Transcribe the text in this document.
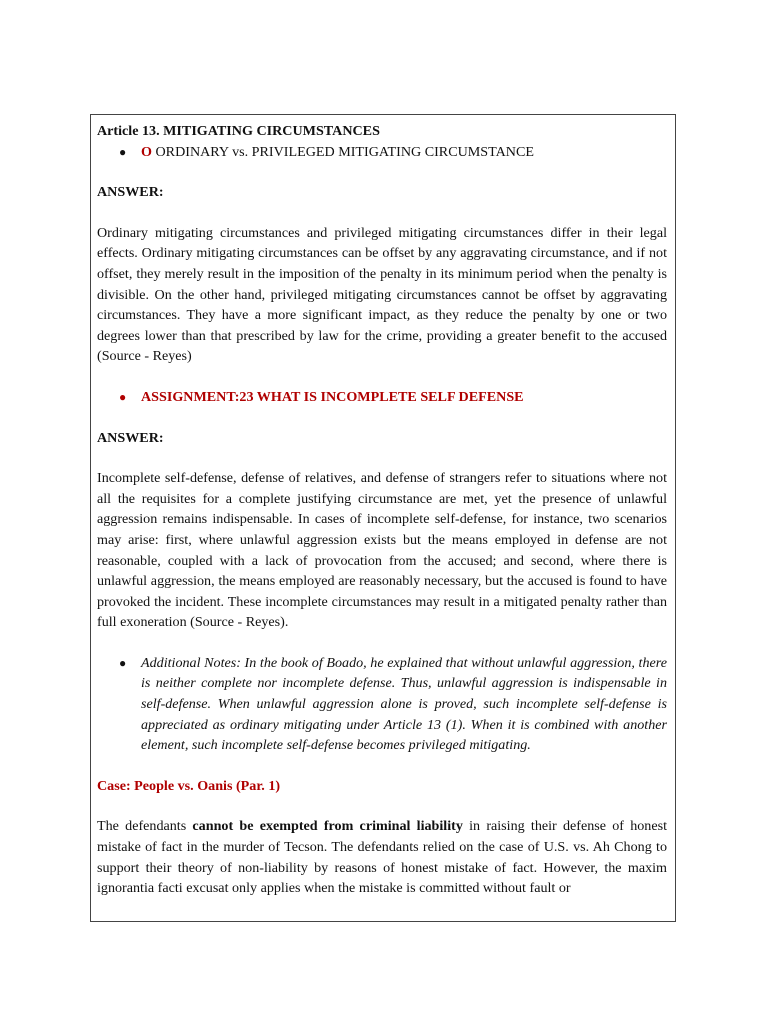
Article 13. MITIGATING CIRCUMSTANCES

● O ORDINARY vs. PRIVILEGED MITIGATING CIRCUMSTANCE

ANSWER:

Ordinary mitigating circumstances and privileged mitigating circumstances differ in their legal effects. Ordinary mitigating circumstances can be offset by any aggravating circumstance, and if not offset, they merely result in the imposition of the penalty in its minimum period when the penalty is divisible. On the other hand, privileged mitigating circumstances cannot be offset by aggravating circumstances. They have a more significant impact, as they reduce the penalty by one or two degrees lower than that prescribed by law for the crime, providing a greater benefit to the accused (Source - Reyes)

● ASSIGNMENT:23 WHAT IS INCOMPLETE SELF DEFENSE

ANSWER:

Incomplete self-defense, defense of relatives, and defense of strangers refer to situations where not all the requisites for a complete justifying circumstance are met, yet the presence of unlawful aggression remains indispensable. In cases of incomplete self-defense, for instance, two scenarios may arise: first, where unlawful aggression exists but the means employed in defense are not reasonable, coupled with a lack of provocation from the accused; and second, where there is unlawful aggression, the means employed are reasonably necessary, but the accused is found to have provoked the incident. These incomplete circumstances may result in a mitigated penalty rather than full exoneration (Source - Reyes).

● Additional Notes: In the book of Boado, he explained that without unlawful aggression, there is neither complete nor incomplete defense. Thus, unlawful aggression is indispensable in self-defense. When unlawful aggression alone is proved, such incomplete self-defense is appreciated as ordinary mitigating under Article 13 (1). When it is combined with another element, such incomplete self-defense becomes privileged mitigating.

Case: People vs. Oanis (Par. 1)

The defendants cannot be exempted from criminal liability in raising their defense of honest mistake of fact in the murder of Tecson. The defendants relied on the case of U.S. vs. Ah Chong to support their theory of non-liability by reasons of honest mistake of fact. However, the maxim ignorantia facti excusat only applies when the mistake is committed without fault or
